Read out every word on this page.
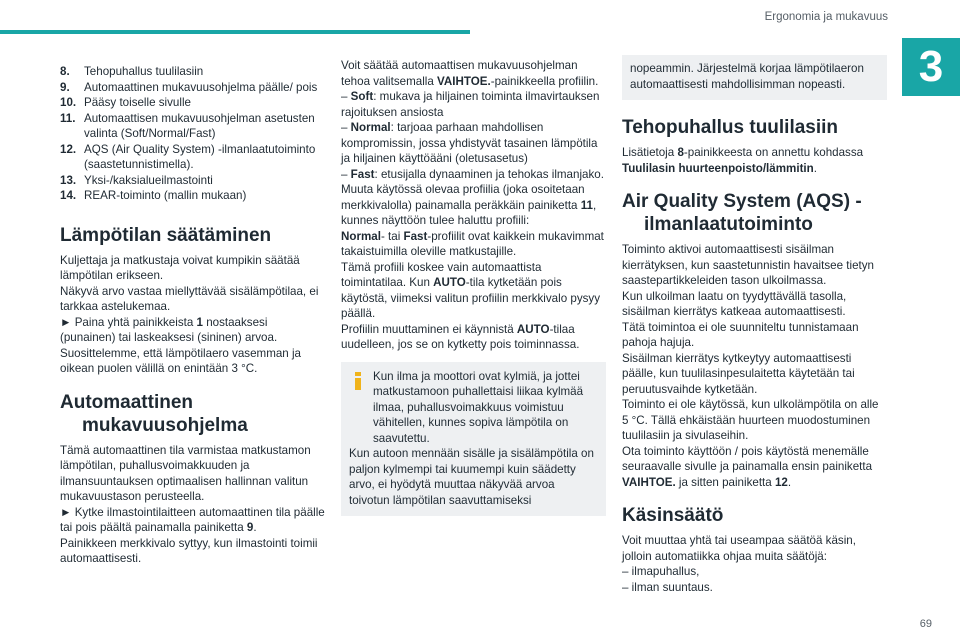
Ergonomia ja mukavuus
3
69
8.	Tehopuhallus tuulilasiin
9.	Automaattinen mukavuusohjelma päälle/ pois
10. Pääsy toiselle sivulle
11. Automaattisen mukavuusohjelman asetusten valinta (Soft/Normal/Fast)
12. AQS (Air Quality System) -ilmanlaatutoiminto (saastetunnistimella).
13. Yksi-/kaksialueilmastointi
14. REAR-toiminto (mallin mukaan)
Lämpötilan säätäminen

Kuljettaja ja matkustaja voivat kumpikin säätää lämpötilan erikseen.

Näkyvä arvo vastaa miellyttävää sisälämpötilaa, ei tarkkaa astelukemaa.

► Paina yhtä painikkeista 1 nostaaksesi (punainen) tai laskeaksesi (sininen) arvoa.

Suosittelemme, että lämpötilaero vasemman ja oikean puolen välillä on enintään 3 °C.

Automaattinen mukavuusohjelma

Tämä automaattinen tila varmistaa matkustamon lämpötilan, puhallusvoimakkuuden ja ilmansuuntauksen optimaalisen hallinnan valitun mukavuustason perusteella.

► Kytke ilmastointilaitteen automaattinen tila päälle tai pois päältä painamalla painiketta 9.

Painikkeen merkkivalo syttyy, kun ilmastointi toimii automaattisesti.

Voit säätää automaattisen mukavuusohjelman tehoa valitsemalla VAIHTOE.-painikkeella profiilin.

– Soft: mukava ja hiljainen toiminta ilmavirtauksen rajoituksen ansiosta

– Normal: tarjoaa parhaan mahdollisen kompromissin, jossa yhdistyvät tasainen lämpötila ja hiljainen käyttöääni (oletusasetus)

– Fast: etusijalla dynaaminen ja tehokas ilmanjako.

Muuta käytössä olevaa profiilia (joka osoitetaan merkkivalolla) painamalla peräkkäin painiketta 11, kunnes näyttöön tulee haluttu profiili:

Normal- tai Fast-profiilit ovat kaikkein mukavimmat takaistuimilla oleville matkustajille.

Tämä profiili koskee vain automaattista toimintatilaa. Kun AUTO-tila kytketään pois käytöstä, viimeksi valitun profiilin merkkivalo pysyy päällä.

Profiilin muuttaminen ei käynnistä AUTO-tilaa uudelleen, jos se on kytketty pois toiminnassa.

Kun ilma ja moottori ovat kylmiä, ja jottei matkustamoon puhallettaisi liikaa kylmää ilmaa, puhallusvoimakkuus voimistuu vähitellen, kunnes sopiva lämpötila on saavutettu.

Kun autoon mennään sisälle ja sisälämpötila on paljon kylmempi tai kuumempi kuin säädetty arvo, ei hyödytä muuttaa näkyvää arvoa toivotun lämpötilan saavuttamiseksi

nopeammin. Järjestelmä korjaa lämpötilaeron automaattisesti mahdollisimman nopeasti.

Tehopuhallus tuulilasiin

Lisätietoja 8-painikkeesta on annettu kohdassa Tuulilasin huurteenpoisto/lämmitin.

Air Quality System (AQS) -ilmanlaatutoiminto

Toiminto aktivoi automaattisesti sisäilman kierrätyksen, kun saastetunnistin havaitsee tietyn saastepartikkeleiden tason ulkoilmassa.

Kun ulkoilman laatu on tyydyttävällä tasolla, sisäilman kierrätys katkeaa automaattisesti.

Tätä toimintoa ei ole suunniteltu tunnistamaan pahoja hajuja.

Sisäilman kierrätys kytkeytyy automaattisesti päälle, kun tuulilasinpesulaitetta käytetään tai peruutusvaihde kytketään.

Toiminto ei ole käytössä, kun ulkolämpötila on alle 5 °C. Tällä ehkäistään huurteen muodostuminen tuulilasiin ja sivulaseihin.

Ota toiminto käyttöön / pois käytöstä menemälle seuraavalle sivulle ja painamalla ensin painiketta VAIHTOE. ja sitten painiketta 12.

Käsinsäätö

Voit muuttaa yhtä tai useampaa säätöä käsin, jolloin automatiikka ohjaa muita säätöjä:

– ilmapuhallus,

– ilman suuntaus.
